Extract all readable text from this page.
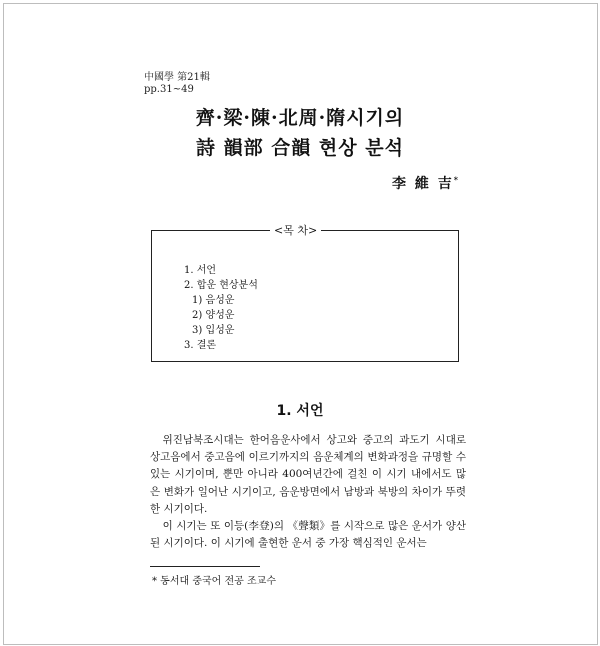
中國學 第21輯
pp.31~49
齊·梁·陳·北周·隋시기의
詩 韻部 合韻 현상 분석
李 維 吉*
<목 차>
1. 서언
2. 합운 현상분석
1) 음성운
2) 양성운
3) 입성운
3. 결론
1. 서언

위진남북조시대는 한어음운사에서 상고와 중고의 과도기 시대로 상고음에서 중고음에 이르기까지의 음운체계의 변화과정을 규명할 수 있는 시기이며, 뿐만 아니라 400여년간에 걸친 이 시기 내에서도 많은 변화가 일어난 시기이고, 음운방면에서 남방과 북방의 차이가 뚜렷한 시기이다.

이 시기는 또 이등(李登)의 《聲類》를 시작으로 많은 운서가 양산된 시기이다. 이 시기에 출현한 운서 중 가장 핵심적인 운서는

* 동서대 중국어 전공 조교수
